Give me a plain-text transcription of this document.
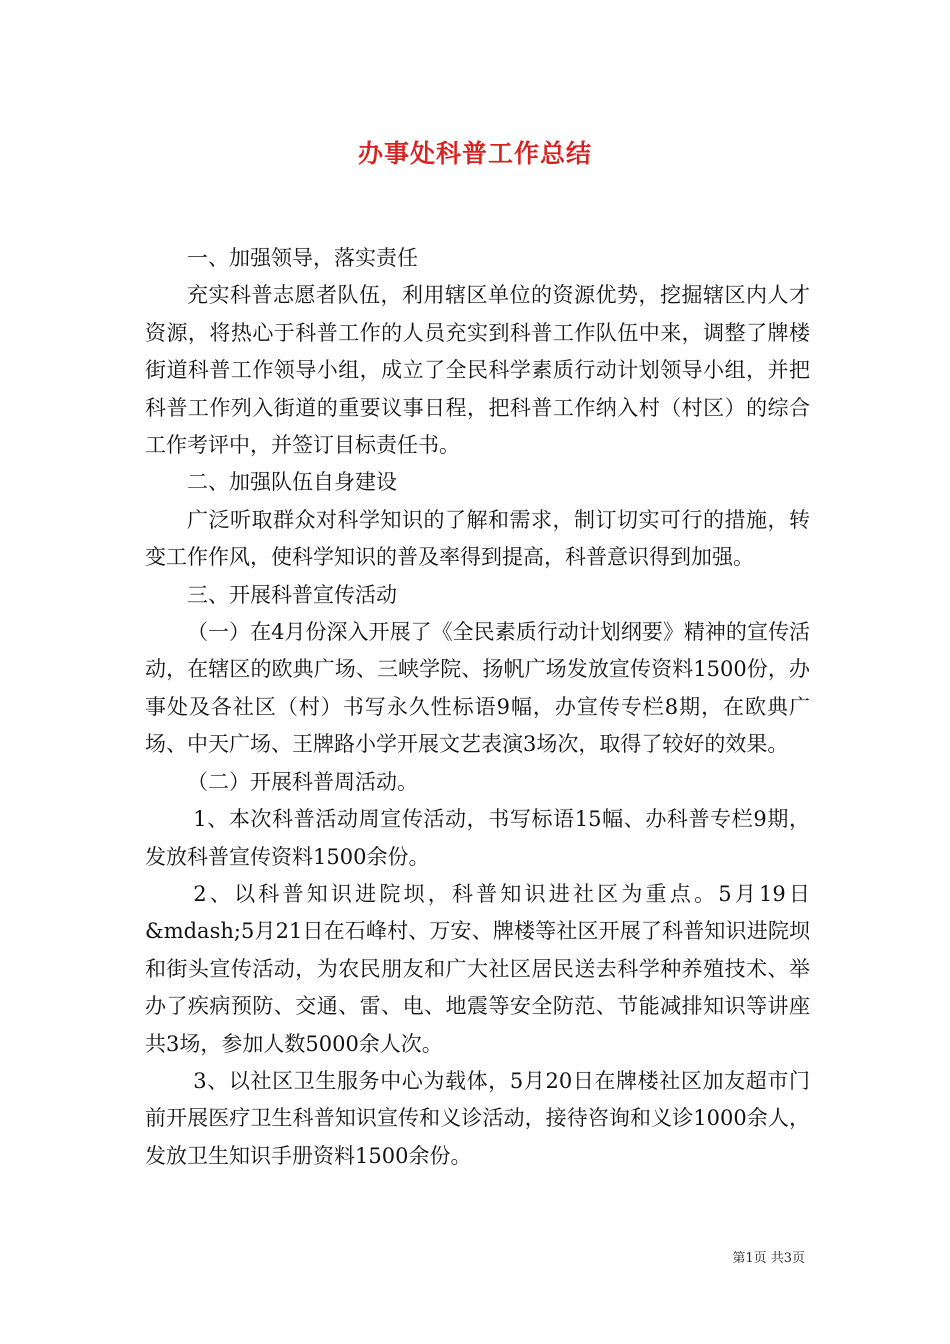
办事处科普工作总结

一、加强领导，落实责任

充实科普志愿者队伍，利用辖区单位的资源优势，挖掘辖区内人才资源，将热心于科普工作的人员充实到科普工作队伍中来，调整了牌楼街道科普工作领导小组，成立了全民科学素质行动计划领导小组，并把科普工作列入街道的重要议事日程，把科普工作纳入村（村区）的综合工作考评中，并签订目标责任书。

二、加强队伍自身建设

广泛听取群众对科学知识的了解和需求，制订切实可行的措施，转变工作作风，使科学知识的普及率得到提高，科普意识得到加强。

三、开展科普宣传活动

（一）在4月份深入开展了《全民素质行动计划纲要》精神的宣传活动，在辖区的欧典广场、三峡学院、扬帆广场发放宣传资料1500份，办事处及各社区（村）书写永久性标语9幅，办宣传专栏8期，在欧典广场、中天广场、王牌路小学开展文艺表演3场次，取得了较好的效果。

（二）开展科普周活动。

1、本次科普活动周宣传活动，书写标语15幅、办科普专栏9期，发放科普宣传资料1500余份。

2、以科普知识进院坝，科普知识进社区为重点。5月19日&mdash;5月21日在石峰村、万安、牌楼等社区开展了科普知识进院坝和街头宣传活动，为农民朋友和广大社区居民送去科学种养殖技术、举办了疾病预防、交通、雷、电、地震等安全防范、节能减排知识等讲座共3场，参加人数5000余人次。

3、以社区卫生服务中心为载体，5月20日在牌楼社区加友超市门前开展医疗卫生科普知识宣传和义诊活动，接待咨询和义诊1000余人，发放卫生知识手册资料1500余份。

第1页 共3页
